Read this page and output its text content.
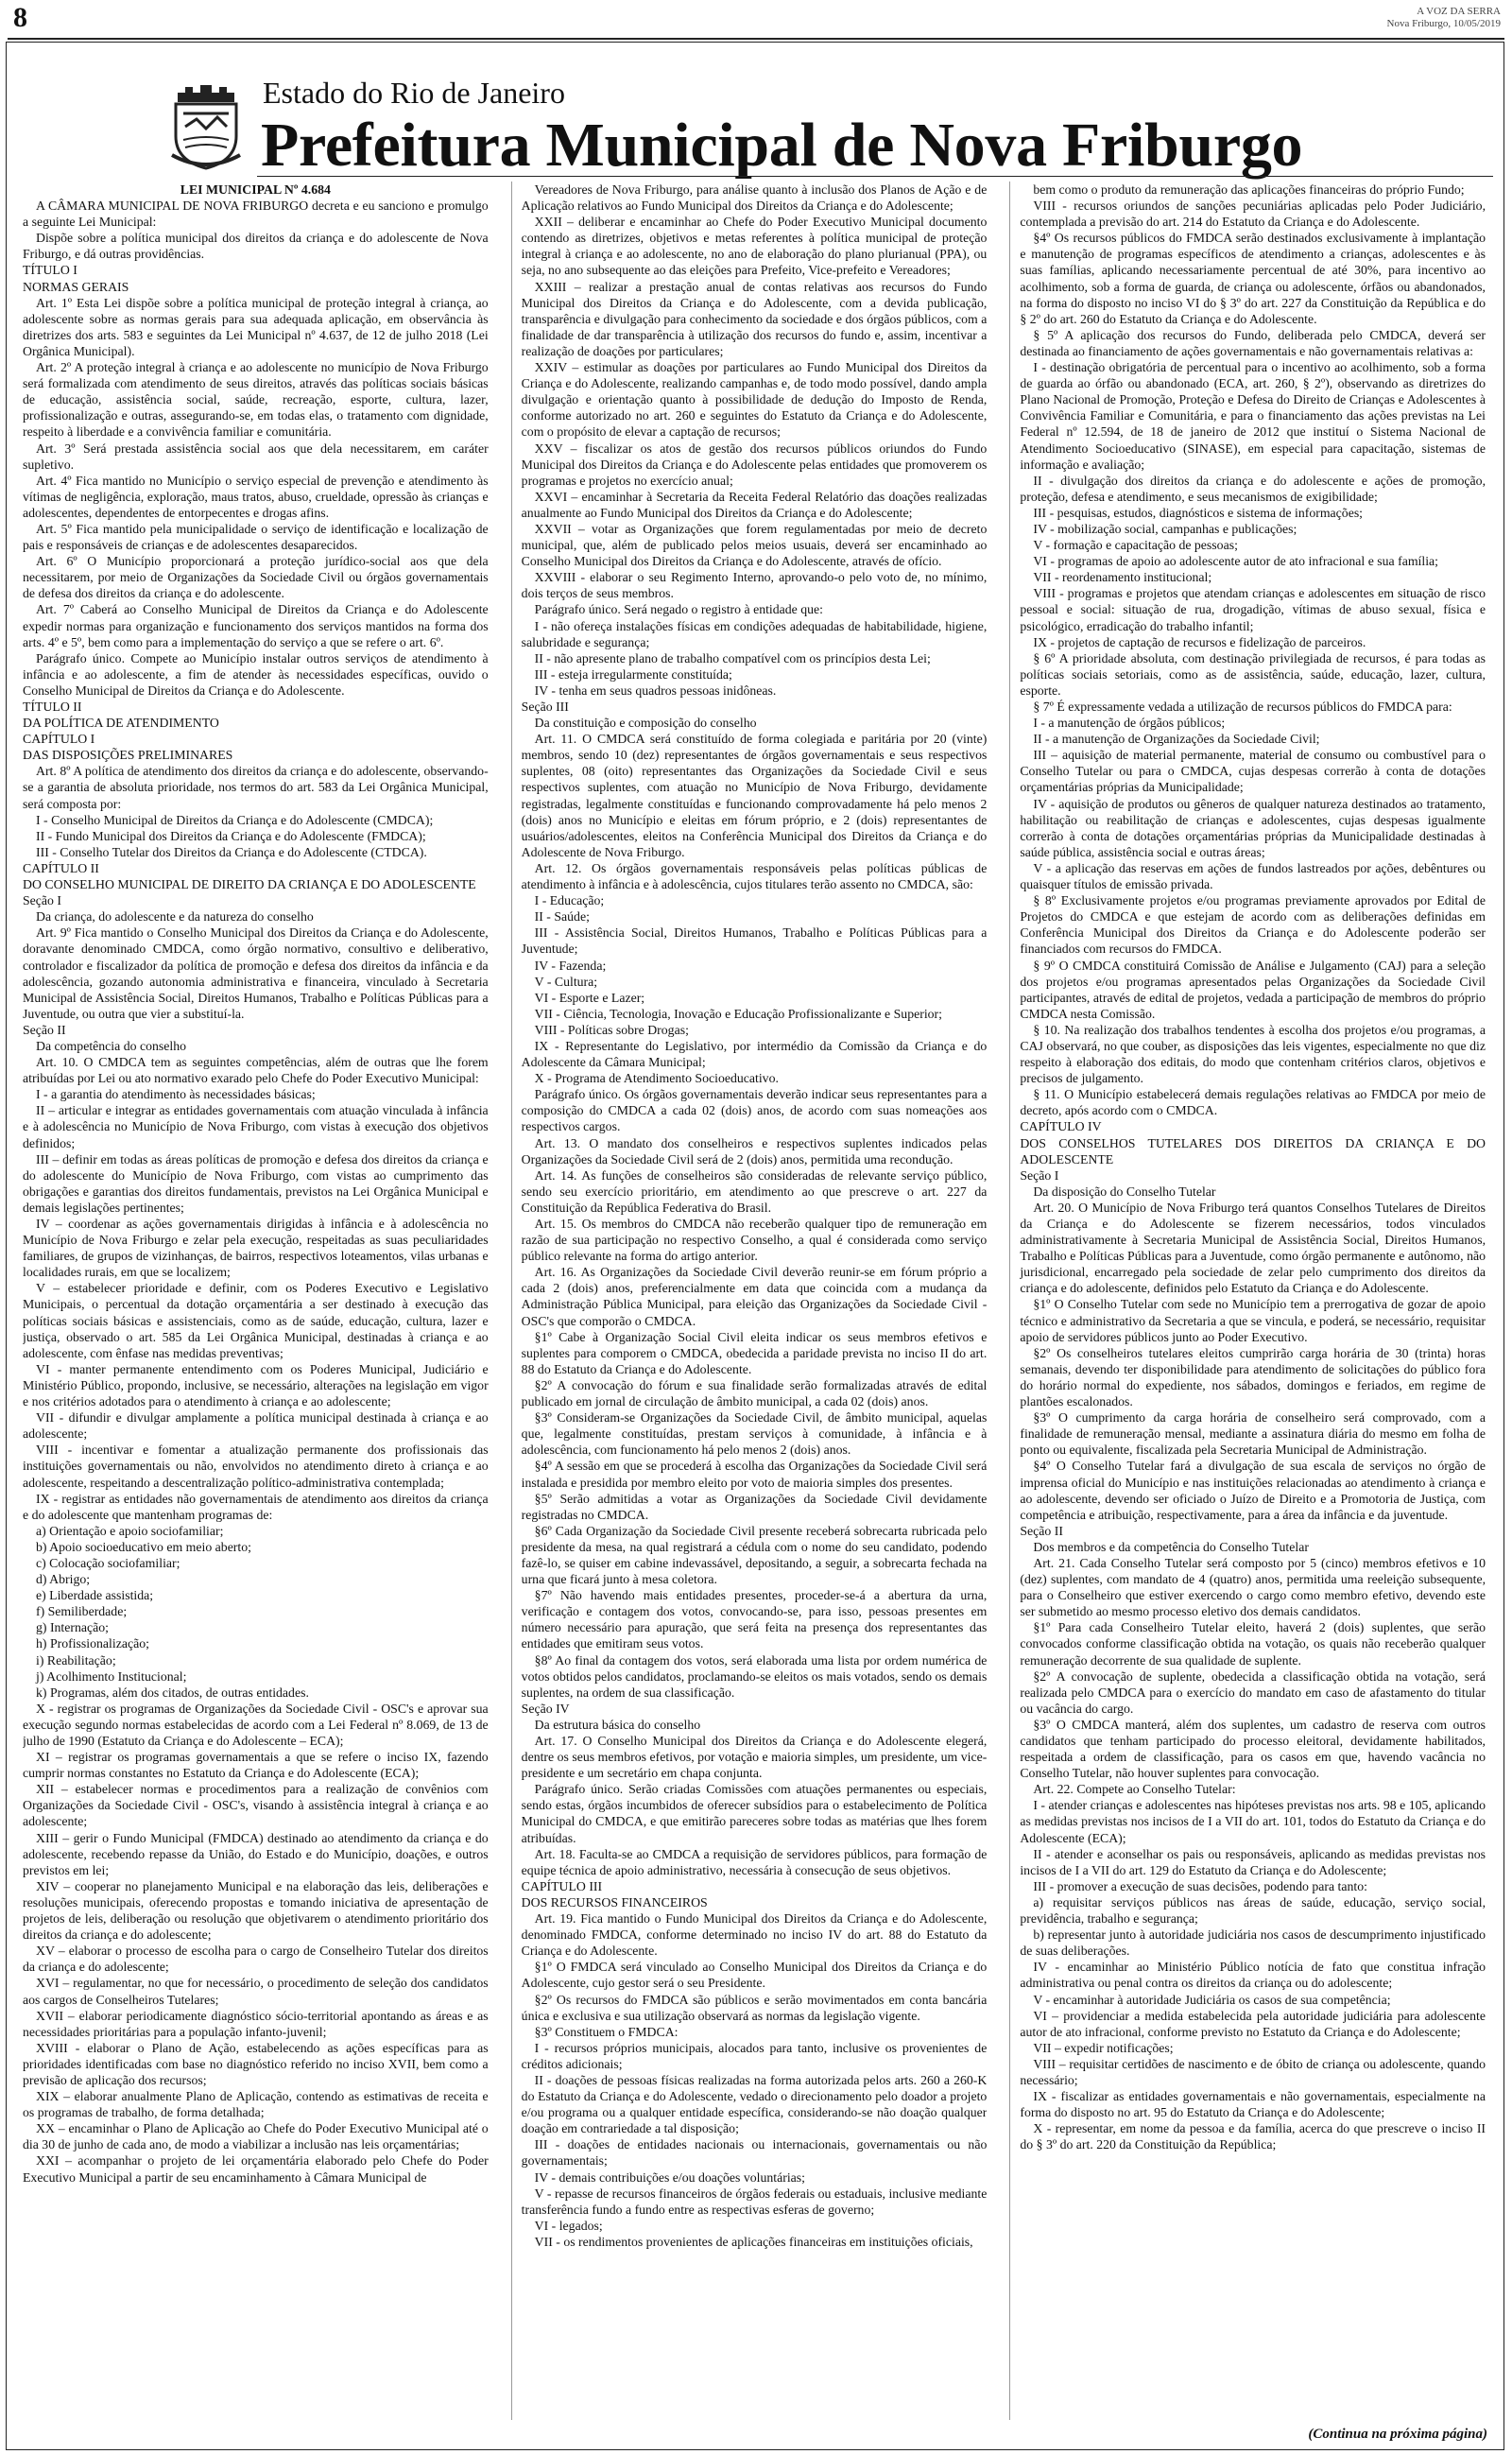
8	A VOZ DA SERRA
Nova Friburgo, 10/05/2019
Estado do Rio de Janeiro
Prefeitura Municipal de Nova Friburgo

LEI MUNICIPAL Nº 4.684

A CÂMARA MUNICIPAL DE NOVA FRIBURGO decreta e eu sanciono e promulgo a seguinte Lei Municipal:

Dispõe sobre a política municipal dos direitos da criança e do adolescente de Nova Friburgo, e dá outras providências.

TÍTULO I

NORMAS GERAIS

Art. 1º Esta Lei dispõe sobre a política municipal de proteção integral à criança, ao adolescente sobre as normas gerais para sua adequada aplicação, em observância às diretrizes dos arts. 583 e seguintes da Lei Municipal nº 4.637, de 12 de julho 2018 (Lei Orgânica Municipal).

Art. 2º A proteção integral à criança e ao adolescente no município de Nova Friburgo será formalizada com atendimento de seus direitos, através das políticas sociais básicas de educação, assistência social, saúde, recreação, esporte, cultura, lazer, profissionalização e outras, assegurando-se, em todas elas, o tratamento com dignidade, respeito à liberdade e a convivência familiar e comunitária.

Art. 3º Será prestada assistência social aos que dela necessitarem, em caráter supletivo.

Art. 4º Fica mantido no Município o serviço especial de prevenção e atendimento às vítimas de negligência, exploração, maus tratos, abuso, crueldade, opressão às crianças e adolescentes, dependentes de entorpecentes e drogas afins.

Art. 5º Fica mantido pela municipalidade o serviço de identificação e localização de pais e responsáveis de crianças e de adolescentes desaparecidos.

Art. 6º O Município proporcionará a proteção jurídico-social aos que dela necessitarem, por meio de Organizações da Sociedade Civil ou órgãos governamentais de defesa dos direitos da criança e do adolescente.

Art. 7º Caberá ao Conselho Municipal de Direitos da Criança e do Adolescente expedir normas para organização e funcionamento dos serviços mantidos na forma dos arts. 4º e 5º, bem como para a implementação do serviço a que se refere o art. 6º.

Parágrafo único. Compete ao Município instalar outros serviços de atendimento à infância e ao adolescente, a fim de atender às necessidades específicas, ouvido o Conselho Municipal de Direitos da Criança e do Adolescente.

TÍTULO II

DA POLÍTICA DE ATENDIMENTO

CAPÍTULO I

DAS DISPOSIÇÕES PRELIMINARES

Art. 8º A política de atendimento dos direitos da criança e do adolescente, observando-se a garantia de absoluta prioridade, nos termos do art. 583 da Lei Orgânica Municipal, será composta por:

I - Conselho Municipal de Direitos da Criança e do Adolescente (CMDCA);

II - Fundo Municipal dos Direitos da Criança e do Adolescente (FMDCA);

III - Conselho Tutelar dos Direitos da Criança e do Adolescente (CTDCA).

CAPÍTULO II

DO CONSELHO MUNICIPAL DE DIREITO DA CRIANÇA E DO ADOLESCENTE

Seção I

Da criança, do adolescente e da natureza do conselho

Art. 9º Fica mantido o Conselho Municipal dos Direitos da Criança e do Adolescente, doravante denominado CMDCA, como órgão normativo, consultivo e deliberativo, controlador e fiscalizador da política de promoção e defesa dos direitos da infância e da adolescência, gozando autonomia administrativa e financeira, vinculado à Secretaria Municipal de Assistência Social, Direitos Humanos, Trabalho e Políticas Públicas para a Juventude, ou outra que vier a substituí-la.

Seção II

Da competência do conselho

Art. 10. O CMDCA tem as seguintes competências, além de outras que lhe forem atribuídas por Lei ou ato normativo exarado pelo Chefe do Poder Executivo Municipal:

I - a garantia do atendimento às necessidades básicas;

II – articular e integrar as entidades governamentais com atuação vinculada à infância e à adolescência no Município de Nova Friburgo, com vistas à execução dos objetivos definidos;

III – definir em todas as áreas políticas de promoção e defesa dos direitos da criança e do adolescente do Município de Nova Friburgo, com vistas ao cumprimento das obrigações e garantias dos direitos fundamentais, previstos na Lei Orgânica Municipal e demais legislações pertinentes;

IV – coordenar as ações governamentais dirigidas à infância e à adolescência no Município de Nova Friburgo e zelar pela execução, respeitadas as suas peculiaridades familiares, de grupos de vizinhanças, de bairros, respectivos loteamentos, vilas urbanas e localidades rurais, em que se localizem;

V – estabelecer prioridade e definir, com os Poderes Executivo e Legislativo Municipais, o percentual da dotação orçamentária a ser destinado à execução das políticas sociais básicas e assistenciais, como as de saúde, educação, cultura, lazer e justiça, observado o art. 585 da Lei Orgânica Municipal, destinadas à criança e ao adolescente, com ênfase nas medidas preventivas;

VI - manter permanente entendimento com os Poderes Municipal, Judiciário e Ministério Público, propondo, inclusive, se necessário, alterações na legislação em vigor e nos critérios adotados para o atendimento à criança e ao adolescente;

VII - difundir e divulgar amplamente a política municipal destinada à criança e ao adolescente;

VIII - incentivar e fomentar a atualização permanente dos profissionais das instituições governamentais ou não, envolvidos no atendimento direto à criança e ao adolescente, respeitando a descentralização político-administrativa contemplada;

IX - registrar as entidades não governamentais de atendimento aos direitos da criança e do adolescente que mantenham programas de:

a) Orientação e apoio sociofamiliar;

b) Apoio socioeducativo em meio aberto;

c) Colocação sociofamiliar;

d) Abrigo;

e) Liberdade assistida;

f) Semiliberdade;

g) Internação;

h) Profissionalização;

i) Reabilitação;

j) Acolhimento Institucional;

k) Programas, além dos citados, de outras entidades.

X - registrar os programas de Organizações da Sociedade Civil - OSC's e aprovar sua execução segundo normas estabelecidas de acordo com a Lei Federal nº 8.069, de 13 de julho de 1990 (Estatuto da Criança e do Adolescente – ECA);

XI – registrar os programas governamentais a que se refere o inciso IX, fazendo cumprir normas constantes no Estatuto da Criança e do Adolescente (ECA);

XII – estabelecer normas e procedimentos para a realização de convênios com Organizações da Sociedade Civil - OSC's, visando à assistência integral à criança e ao adolescente;

XIII – gerir o Fundo Municipal (FMDCA) destinado ao atendimento da criança e do adolescente, recebendo repasse da União, do Estado e do Município, doações, e outros previstos em lei;

XIV – cooperar no planejamento Municipal e na elaboração das leis, deliberações e resoluções municipais, oferecendo propostas e tomando iniciativa de apresentação de projetos de leis, deliberação ou resolução que objetivarem o atendimento prioritário dos direitos da criança e do adolescente;

XV – elaborar o processo de escolha para o cargo de Conselheiro Tutelar dos direitos da criança e do adolescente;

XVI – regulamentar, no que for necessário, o procedimento de seleção dos candidatos aos cargos de Conselheiros Tutelares;

XVII – elaborar periodicamente diagnóstico sócio-territorial apontando as áreas e as necessidades prioritárias para a população infanto-juvenil;

XVIII - elaborar o Plano de Ação, estabelecendo as ações específicas para as prioridades identificadas com base no diagnóstico referido no inciso XVII, bem como a previsão de aplicação dos recursos;

XIX – elaborar anualmente Plano de Aplicação, contendo as estimativas de receita e os programas de trabalho, de forma detalhada;

XX – encaminhar o Plano de Aplicação ao Chefe do Poder Executivo Municipal até o dia 30 de junho de cada ano, de modo a viabilizar a inclusão nas leis orçamentárias;

XXI – acompanhar o projeto de lei orçamentária elaborado pelo Chefe do Poder Executivo Municipal a partir de seu encaminhamento à Câmara Municipal de

Vereadores de Nova Friburgo, para análise quanto à inclusão dos Planos de Ação e de Aplicação relativos ao Fundo Municipal dos Direitos da Criança e do Adolescente;

XXII – deliberar e encaminhar ao Chefe do Poder Executivo Municipal documento contendo as diretrizes, objetivos e metas referentes à política municipal de proteção integral à criança e ao adolescente, no ano de elaboração do plano plurianual (PPA), ou seja, no ano subsequente ao das eleições para Prefeito, Vice-prefeito e Vereadores;

XXIII – realizar a prestação anual de contas relativas aos recursos do Fundo Municipal dos Direitos da Criança e do Adolescente, com a devida publicação, transparência e divulgação para conhecimento da sociedade e dos órgãos públicos, com a finalidade de dar transparência à utilização dos recursos do fundo e, assim, incentivar a realização de doações por particulares;

XXIV – estimular as doações por particulares ao Fundo Municipal dos Direitos da Criança e do Adolescente, realizando campanhas e, de todo modo possível, dando ampla divulgação e orientação quanto à possibilidade de dedução do Imposto de Renda, conforme autorizado no art. 260 e seguintes do Estatuto da Criança e do Adolescente, com o propósito de elevar a captação de recursos;

XXV – fiscalizar os atos de gestão dos recursos públicos oriundos do Fundo Municipal dos Direitos da Criança e do Adolescente pelas entidades que promoverem os programas e projetos no exercício anual;

XXVI – encaminhar à Secretaria da Receita Federal Relatório das doações realizadas anualmente ao Fundo Municipal dos Direitos da Criança e do Adolescente;

XXVII – votar as Organizações que forem regulamentadas por meio de decreto municipal, que, além de publicado pelos meios usuais, deverá ser encaminhado ao Conselho Municipal dos Direitos da Criança e do Adolescente, através de ofício.

XXVIII - elaborar o seu Regimento Interno, aprovando-o pelo voto de, no mínimo, dois terços de seus membros.

Parágrafo único. Será negado o registro à entidade que:

I - não ofereça instalações físicas em condições adequadas de habitabilidade, higiene, salubridade e segurança;

II - não apresente plano de trabalho compatível com os princípios desta Lei;

III - esteja irregularmente constituída;

IV - tenha em seus quadros pessoas inidôneas.

Seção III

Da constituição e composição do conselho

Art. 11. O CMDCA será constituído de forma colegiada e paritária por 20 (vinte) membros, sendo 10 (dez) representantes de órgãos governamentais e seus respectivos suplentes, 08 (oito) representantes das Organizações da Sociedade Civil e seus respectivos suplentes, com atuação no Município de Nova Friburgo, devidamente registradas, legalmente constituídas e funcionando comprovadamente há pelo menos 2 (dois) anos no Município e eleitas em fórum próprio, e 2 (dois) representantes de usuários/adolescentes, eleitos na Conferência Municipal dos Direitos da Criança e do Adolescente de Nova Friburgo.

Art. 12. Os órgãos governamentais responsáveis pelas políticas públicas de atendimento à infância e à adolescência, cujos titulares terão assento no CMDCA, são:

I - Educação;

II - Saúde;

III - Assistência Social, Direitos Humanos, Trabalho e Políticas Públicas para a Juventude;

IV - Fazenda;

V - Cultura;

VI - Esporte e Lazer;

VII - Ciência, Tecnologia, Inovação e Educação Profissionalizante e Superior;

VIII - Políticas sobre Drogas;

IX - Representante do Legislativo, por intermédio da Comissão da Criança e do Adolescente da Câmara Municipal;

X - Programa de Atendimento Socioeducativo.

Parágrafo único. Os órgãos governamentais deverão indicar seus representantes para a composição do CMDCA a cada 02 (dois) anos, de acordo com suas nomeações aos respectivos cargos.

Art. 13. O mandato dos conselheiros e respectivos suplentes indicados pelas Organizações da Sociedade Civil será de 2 (dois) anos, permitida uma recondução.

Art. 14. As funções de conselheiros são consideradas de relevante serviço público, sendo seu exercício prioritário, em atendimento ao que prescreve o art. 227 da Constituição da República Federativa do Brasil.

Art. 15. Os membros do CMDCA não receberão qualquer tipo de remuneração em razão de sua participação no respectivo Conselho, a qual é considerada como serviço público relevante na forma do artigo anterior.

Art. 16. As Organizações da Sociedade Civil deverão reunir-se em fórum próprio a cada 2 (dois) anos, preferencialmente em data que coincida com a mudança da Administração Pública Municipal, para eleição das Organizações da Sociedade Civil - OSC's que comporão o CMDCA.

§1º Cabe à Organização Social Civil eleita indicar os seus membros efetivos e suplentes para comporem o CMDCA, obedecida a paridade prevista no inciso II do art. 88 do Estatuto da Criança e do Adolescente.

§2º A convocação do fórum e sua finalidade serão formalizadas através de edital publicado em jornal de circulação de âmbito municipal, a cada 02 (dois) anos.

§3º Consideram-se Organizações da Sociedade Civil, de âmbito municipal, aquelas que, legalmente constituídas, prestam serviços à comunidade, à infância e à adolescência, com funcionamento há pelo menos 2 (dois) anos.

§4º A sessão em que se procederá à escolha das Organizações da Sociedade Civil será instalada e presidida por membro eleito por voto de maioria simples dos presentes.

§5º Serão admitidas a votar as Organizações da Sociedade Civil devidamente registradas no CMDCA.

§6º Cada Organização da Sociedade Civil presente receberá sobrecarta rubricada pelo presidente da mesa, na qual registrará a cédula com o nome do seu candidato, podendo fazê-lo, se quiser em cabine indevassável, depositando, a seguir, a sobrecarta fechada na urna que ficará junto à mesa coletora.

§7º Não havendo mais entidades presentes, proceder-se-á a abertura da urna, verificação e contagem dos votos, convocando-se, para isso, pessoas presentes em número necessário para apuração, que será feita na presença dos representantes das entidades que emitiram seus votos.

§8º Ao final da contagem dos votos, será elaborada uma lista por ordem numérica de votos obtidos pelos candidatos, proclamando-se eleitos os mais votados, sendo os demais suplentes, na ordem de sua classificação.

Seção IV

Da estrutura básica do conselho

Art. 17. O Conselho Municipal dos Direitos da Criança e do Adolescente elegerá, dentre os seus membros efetivos, por votação e maioria simples, um presidente, um vice-presidente e um secretário em chapa conjunta.

Parágrafo único. Serão criadas Comissões com atuações permanentes ou especiais, sendo estas, órgãos incumbidos de oferecer subsídios para o estabelecimento de Política Municipal do CMDCA, e que emitirão pareceres sobre todas as matérias que lhes forem atribuídas.

Art. 18. Faculta-se ao CMDCA a requisição de servidores públicos, para formação de equipe técnica de apoio administrativo, necessária à consecução de seus objetivos.

CAPÍTULO III

DOS RECURSOS FINANCEIROS

Art. 19. Fica mantido o Fundo Municipal dos Direitos da Criança e do Adolescente, denominado FMDCA, conforme determinado no inciso IV do art. 88 do Estatuto da Criança e do Adolescente.

§1º O FMDCA será vinculado ao Conselho Municipal dos Direitos da Criança e do Adolescente, cujo gestor será o seu Presidente.

§2º Os recursos do FMDCA são públicos e serão movimentados em conta bancária única e exclusiva e sua utilização observará as normas da legislação vigente.

§3º Constituem o FMDCA:

I - recursos próprios municipais, alocados para tanto, inclusive os provenientes de créditos adicionais;

II - doações de pessoas físicas realizadas na forma autorizada pelos arts. 260 a 260-K do Estatuto da Criança e do Adolescente, vedado o direcionamento pelo doador a projeto e/ou programa ou a qualquer entidade específica, considerando-se não doação qualquer doação em contrariedade a tal disposição;

III - doações de entidades nacionais ou internacionais, governamentais ou não governamentais;

IV - demais contribuições e/ou doações voluntárias;

V - repasse de recursos financeiros de órgãos federais ou estaduais, inclusive mediante transferência fundo a fundo entre as respectivas esferas de governo;

VI - legados;

VII - os rendimentos provenientes de aplicações financeiras em instituições oficiais,

bem como o produto da remuneração das aplicações financeiras do próprio Fundo;

VIII - recursos oriundos de sanções pecuniárias aplicadas pelo Poder Judiciário, contemplada a previsão do art. 214 do Estatuto da Criança e do Adolescente.

§4º Os recursos públicos do FMDCA serão destinados exclusivamente à implantação e manutenção de programas específicos de atendimento a crianças, adolescentes e às suas famílias, aplicando necessariamente percentual de até 30%, para incentivo ao acolhimento, sob a forma de guarda, de criança ou adolescente, órfãos ou abandonados, na forma do disposto no inciso VI do § 3º do art. 227 da Constituição da República e do § 2º do art. 260 do Estatuto da Criança e do Adolescente.

§ 5º A aplicação dos recursos do Fundo, deliberada pelo CMDCA, deverá ser destinada ao financiamento de ações governamentais e não governamentais relativas a:

I - destinação obrigatória de percentual para o incentivo ao acolhimento, sob a forma de guarda ao órfão ou abandonado (ECA, art. 260, § 2º), observando as diretrizes do Plano Nacional de Promoção, Proteção e Defesa do Direito de Crianças e Adolescentes à Convivência Familiar e Comunitária, e para o financiamento das ações previstas na Lei Federal nº 12.594, de 18 de janeiro de 2012 que instituí o Sistema Nacional de Atendimento Socioeducativo (SINASE), em especial para capacitação, sistemas de informação e avaliação;

II - divulgação dos direitos da criança e do adolescente e ações de promoção, proteção, defesa e atendimento, e seus mecanismos de exigibilidade;

III - pesquisas, estudos, diagnósticos e sistema de informações;

IV - mobilização social, campanhas e publicações;

V - formação e capacitação de pessoas;

VI - programas de apoio ao adolescente autor de ato infracional e sua família;

VII - reordenamento institucional;

VIII - programas e projetos que atendam crianças e adolescentes em situação de risco pessoal e social: situação de rua, drogadição, vítimas de abuso sexual, física e psicológico, erradicação do trabalho infantil;

IX - projetos de captação de recursos e fidelização de parceiros.

§ 6º A prioridade absoluta, com destinação privilegiada de recursos, é para todas as políticas sociais setoriais, como as de assistência, saúde, educação, lazer, cultura, esporte.

§ 7º É expressamente vedada a utilização de recursos públicos do FMDCA para:

I - a manutenção de órgãos públicos;

II - a manutenção de Organizações da Sociedade Civil;

III – aquisição de material permanente, material de consumo ou combustível para o Conselho Tutelar ou para o CMDCA, cujas despesas correrão à conta de dotações orçamentárias próprias da Municipalidade;

IV - aquisição de produtos ou gêneros de qualquer natureza destinados ao tratamento, habilitação ou reabilitação de crianças e adolescentes, cujas despesas igualmente correrão à conta de dotações orçamentárias próprias da Municipalidade destinadas à saúde pública, assistência social e outras áreas;

V - a aplicação das reservas em ações de fundos lastreados por ações, debêntures ou quaisquer títulos de emissão privada.

§ 8º Exclusivamente projetos e/ou programas previamente aprovados por Edital de Projetos do CMDCA e que estejam de acordo com as deliberações definidas em Conferência Municipal dos Direitos da Criança e do Adolescente poderão ser financiados com recursos do FMDCA.

§ 9º O CMDCA constituirá Comissão de Análise e Julgamento (CAJ) para a seleção dos projetos e/ou programas apresentados pelas Organizações da Sociedade Civil participantes, através de edital de projetos, vedada a participação de membros do próprio CMDCA nesta Comissão.

§ 10. Na realização dos trabalhos tendentes à escolha dos projetos e/ou programas, a CAJ observará, no que couber, as disposições das leis vigentes, especialmente no que diz respeito à elaboração dos editais, do modo que contenham critérios claros, objetivos e precisos de julgamento.

§ 11. O Município estabelecerá demais regulações relativas ao FMDCA por meio de decreto, após acordo com o CMDCA.

CAPÍTULO IV

DOS CONSELHOS TUTELARES DOS DIREITOS DA CRIANÇA E DO ADOLESCENTE

Seção I

Da disposição do Conselho Tutelar

Art. 20. O Município de Nova Friburgo terá quantos Conselhos Tutelares de Direitos da Criança e do Adolescente se fizerem necessários, todos vinculados administrativamente à Secretaria Municipal de Assistência Social, Direitos Humanos, Trabalho e Políticas Públicas para a Juventude, como órgão permanente e autônomo, não jurisdicional, encarregado pela sociedade de zelar pelo cumprimento dos direitos da criança e do adolescente, definidos pelo Estatuto da Criança e do Adolescente.

§1º O Conselho Tutelar com sede no Município tem a prerrogativa de gozar de apoio técnico e administrativo da Secretaria a que se vincula, e poderá, se necessário, requisitar apoio de servidores públicos junto ao Poder Executivo.

§2º Os conselheiros tutelares eleitos cumprirão carga horária de 30 (trinta) horas semanais, devendo ter disponibilidade para atendimento de solicitações do público fora do horário normal do expediente, nos sábados, domingos e feriados, em regime de plantões escalonados.

§3º O cumprimento da carga horária de conselheiro será comprovado, com a finalidade de remuneração mensal, mediante a assinatura diária do mesmo em folha de ponto ou equivalente, fiscalizada pela Secretaria Municipal de Administração.

§4º O Conselho Tutelar fará a divulgação de sua escala de serviços no órgão de imprensa oficial do Município e nas instituições relacionadas ao atendimento à criança e ao adolescente, devendo ser oficiado o Juízo de Direito e a Promotoria de Justiça, com competência e atribuição, respectivamente, para a área da infância e da juventude.

Seção II

Dos membros e da competência do Conselho Tutelar

Art. 21. Cada Conselho Tutelar será composto por 5 (cinco) membros efetivos e 10 (dez) suplentes, com mandato de 4 (quatro) anos, permitida uma reeleição subsequente, para o Conselheiro que estiver exercendo o cargo como membro efetivo, devendo este ser submetido ao mesmo processo eletivo dos demais candidatos.

§1º Para cada Conselheiro Tutelar eleito, haverá 2 (dois) suplentes, que serão convocados conforme classificação obtida na votação, os quais não receberão qualquer remuneração decorrente de sua qualidade de suplente.

§2º A convocação de suplente, obedecida a classificação obtida na votação, será realizada pelo CMDCA para o exercício do mandato em caso de afastamento do titular ou vacância do cargo.

§3º O CMDCA manterá, além dos suplentes, um cadastro de reserva com outros candidatos que tenham participado do processo eleitoral, devidamente habilitados, respeitada a ordem de classificação, para os casos em que, havendo vacância no Conselho Tutelar, não houver suplentes para convocação.

Art. 22. Compete ao Conselho Tutelar:

I - atender crianças e adolescentes nas hipóteses previstas nos arts. 98 e 105, aplicando as medidas previstas nos incisos de I a VII do art. 101, todos do Estatuto da Criança e do Adolescente (ECA);

II - atender e aconselhar os pais ou responsáveis, aplicando as medidas previstas nos incisos de I a VII do art. 129 do Estatuto da Criança e do Adolescente;

III - promover a execução de suas decisões, podendo para tanto:

a) requisitar serviços públicos nas áreas de saúde, educação, serviço social, previdência, trabalho e segurança;

b) representar junto à autoridade judiciária nos casos de descumprimento injustificado de suas deliberações.

IV - encaminhar ao Ministério Público notícia de fato que constitua infração administrativa ou penal contra os direitos da criança ou do adolescente;

V - encaminhar à autoridade Judiciária os casos de sua competência;

VI – providenciar a medida estabelecida pela autoridade judiciária para adolescente autor de ato infracional, conforme previsto no Estatuto da Criança e do Adolescente;

VII – expedir notificações;

VIII – requisitar certidões de nascimento e de óbito de criança ou adolescente, quando necessário;

IX - fiscalizar as entidades governamentais e não governamentais, especialmente na forma do disposto no art. 95 do Estatuto da Criança e do Adolescente;

X - representar, em nome da pessoa e da família, acerca do que prescreve o inciso II do § 3º do art. 220 da Constituição da República;

(Continua na próxima página)
